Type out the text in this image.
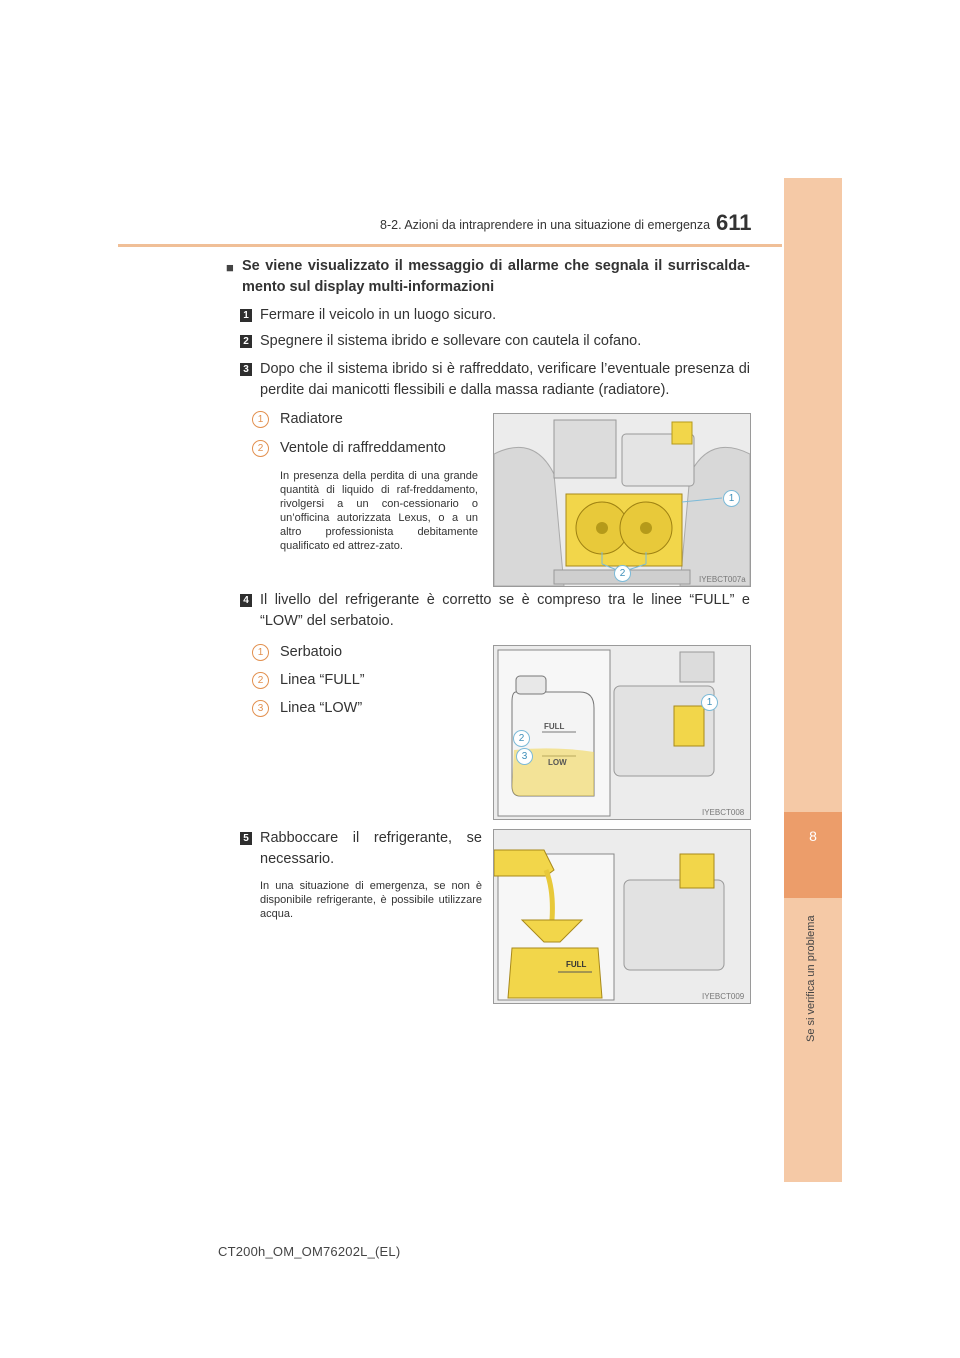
8-2. Azioni da intraprendere in una situazione di emergenza 611
8
Se si verifica un problema
■ Se viene visualizzato il messaggio di allarme che segnala il surriscalda-mento sul display multi-informazioni
1 Fermare il veicolo in un luogo sicuro.
2 Spegnere il sistema ibrido e sollevare con cautela il cofano.
3 Dopo che il sistema ibrido si è raffreddato, verificare l’eventuale presenza di perdite dai manicotti flessibili e dalla massa radiante (radiatore).
1	Radiatore
2	Ventole di raffreddamento
In presenza della perdita di una grande quantità di liquido di raf-freddamento, rivolgersi a un con-cessionario o un’officina autorizzata Lexus, o a un altro professionista debitamente qualificato ed attrez-zato.
1
2
IYEBCT007a
4 Il livello del refrigerante è corretto se è compreso tra le linee “FULL” e “LOW” del serbatoio.
1	Serbatoio
2	Linea “FULL”
3	Linea “LOW”
FULL
LOW
1
2
3
IYEBCT008
5 Rabboccare il refrigerante, se necessario.
In una situazione di emergenza, se non è disponibile refrigerante, è possibile utilizzare acqua.
FULL
IYEBCT009
CT200h_OM_OM76202L_(EL)
